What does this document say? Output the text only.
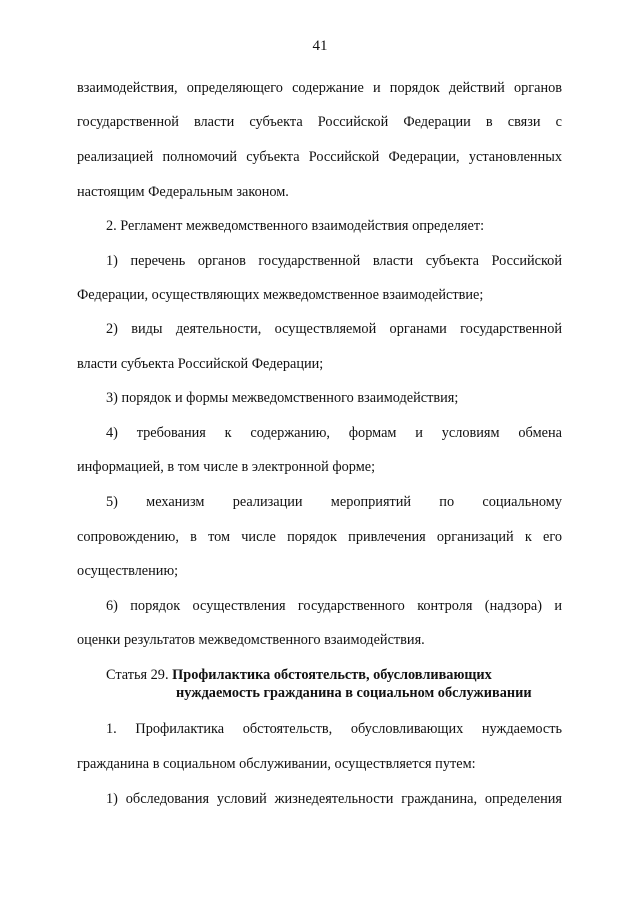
41
взаимодействия, определяющего содержание и порядок действий органов
государственной власти субъекта Российской Федерации в связи с
реализацией полномочий субъекта Российской Федерации, установленных
настоящим Федеральным законом.
2. Регламент межведомственного взаимодействия определяет:
1) перечень органов государственной власти субъекта Российской
Федерации, осуществляющих межведомственное взаимодействие;
2) виды деятельности, осуществляемой органами государственной
власти субъекта Российской Федерации;
3) порядок и формы межведомственного взаимодействия;
4) требования к содержанию, формам и условиям обмена
информацией, в том числе в электронной форме;
5) механизм реализации мероприятий по социальному
сопровождению, в том числе порядок привлечения организаций к его
осуществлению;
6) порядок осуществления государственного контроля (надзора) и
оценки результатов межведомственного взаимодействия.
Статья 29. Профилактика обстоятельств, обусловливающих
нуждаемость гражданина в социальном обслуживании
1. Профилактика обстоятельств, обусловливающих нуждаемость
гражданина в социальном обслуживании, осуществляется путем:
1) обследования условий жизнедеятельности гражданина, определения
